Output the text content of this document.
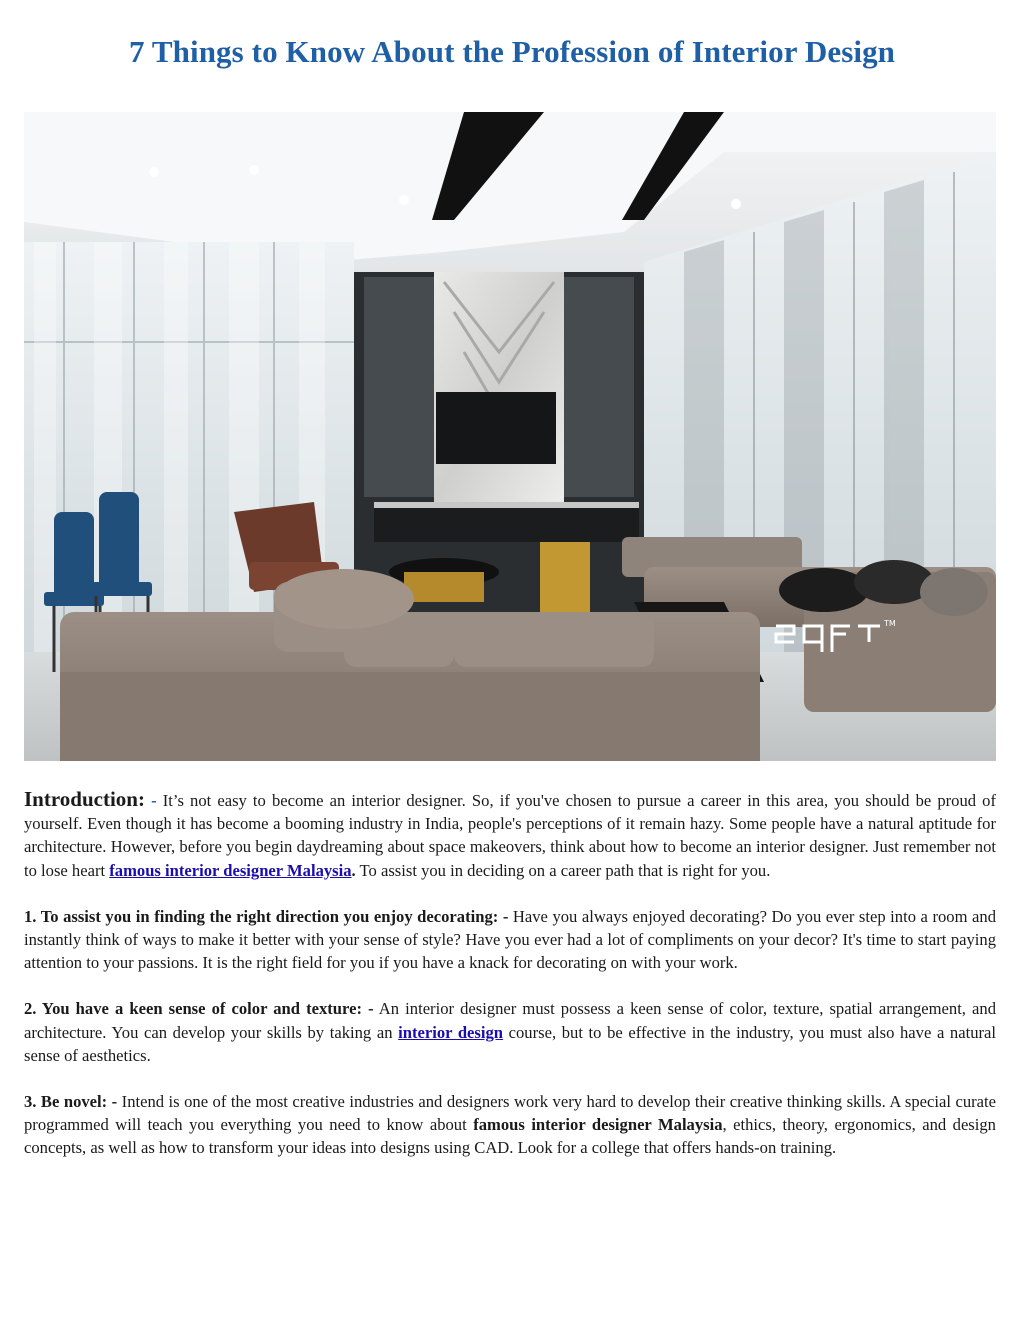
7 Things to Know About the Profession of Interior Design
TM

Introduction: - It’s not easy to become an interior designer. So, if you've chosen to pursue a career in this area, you should be proud of yourself. Even though it has become a booming industry in India, people's perceptions of it remain hazy. Some people have a natural aptitude for architecture. However, before you begin daydreaming about space makeovers, think about how to become an interior designer. Just remember not to lose heart famous interior designer Malaysia. To assist you in deciding on a career path that is right for you.

1. To assist you in finding the right direction you enjoy decorating: - Have you always enjoyed decorating? Do you ever step into a room and instantly think of ways to make it better with your sense of style? Have you ever had a lot of compliments on your decor? It's time to start paying attention to your passions. It is the right field for you if you have a knack for decorating on with your work.

2. You have a keen sense of color and texture: - An interior designer must possess a keen sense of color, texture, spatial arrangement, and architecture. You can develop your skills by taking an interior design course, but to be effective in the industry, you must also have a natural sense of aesthetics.

3. Be novel: - Intend is one of the most creative industries and designers work very hard to develop their creative thinking skills. A special curate programmed will teach you everything you need to know about famous interior designer Malaysia, ethics, theory, ergonomics, and design concepts, as well as how to transform your ideas into designs using CAD. Look for a college that offers hands-on training.
